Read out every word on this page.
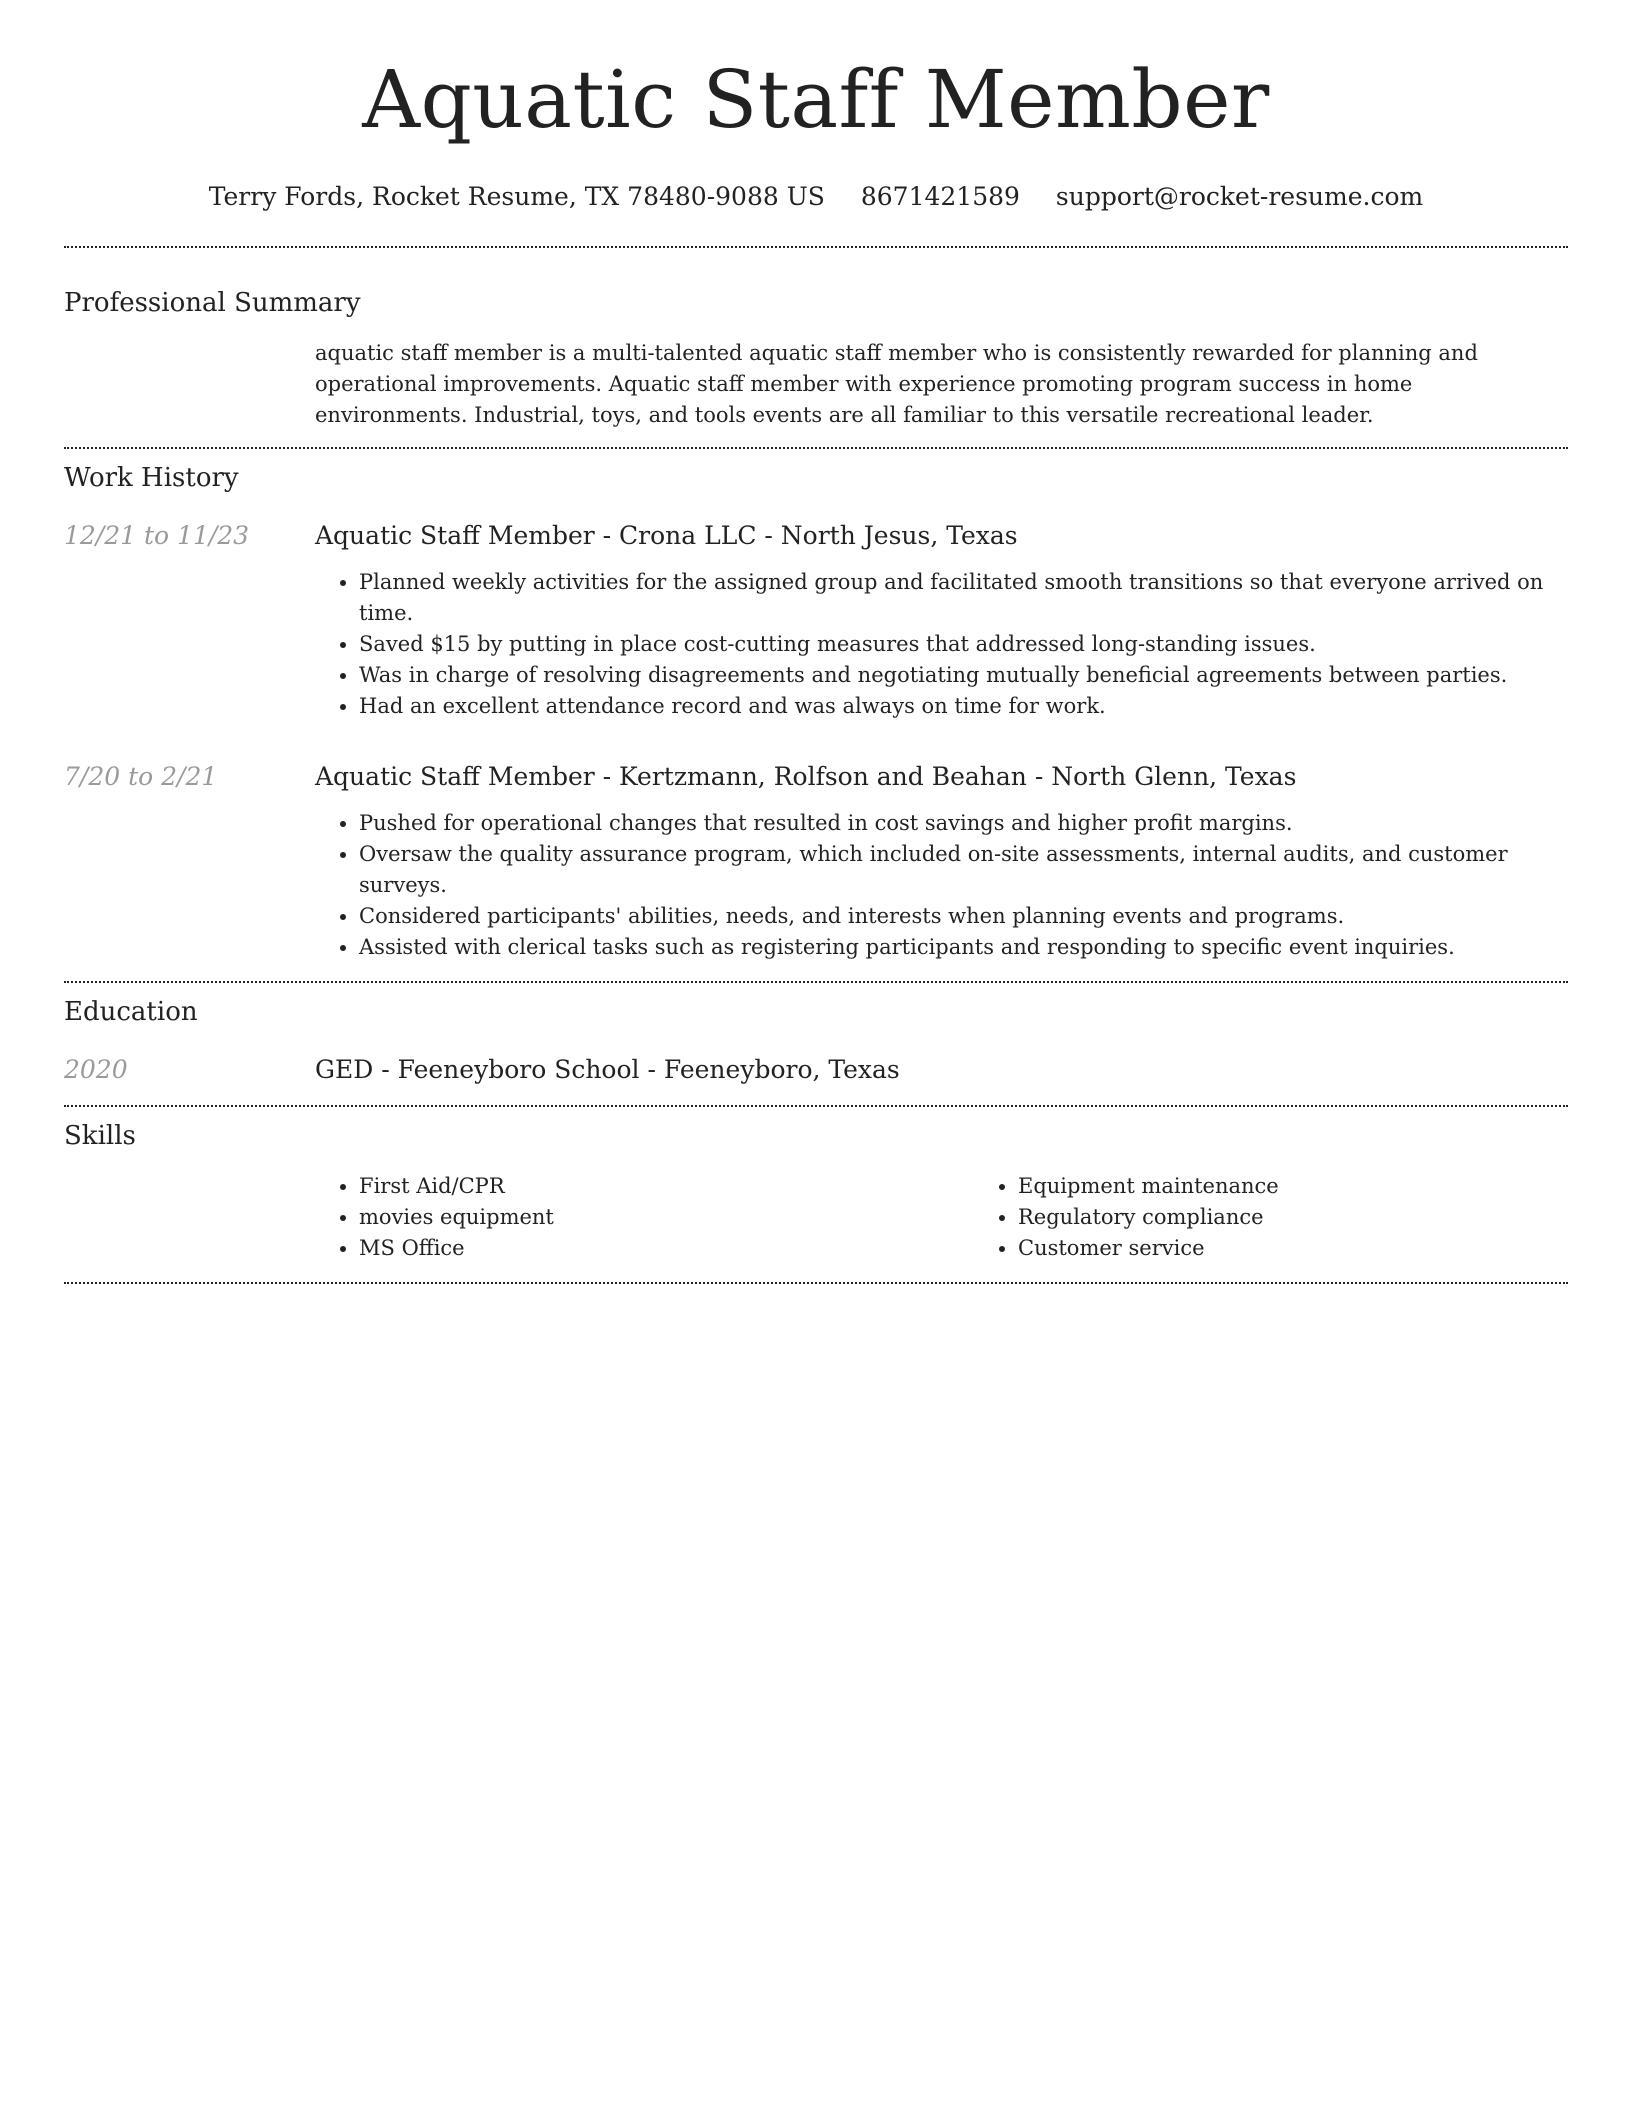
Aquatic Staff Member
Terry Fords, Rocket Resume, TX 78480-9088 US 8671421589 support@rocket-resume.com
Professional Summary
aquatic staff member is a multi-talented aquatic staff member who is consistently rewarded for planning and operational improvements. Aquatic staff member with experience promoting program success in home environments. Industrial, toys, and tools events are all familiar to this versatile recreational leader.
Work History
12/21 to 11/23	Aquatic Staff Member - Crona LLC - North Jesus, Texas
• Planned weekly activities for the assigned group and facilitated smooth transitions so that everyone arrived on time.
• Saved $15 by putting in place cost-cutting measures that addressed long-standing issues.
• Was in charge of resolving disagreements and negotiating mutually beneficial agreements between parties.
• Had an excellent attendance record and was always on time for work.
7/20 to 2/21	Aquatic Staff Member - Kertzmann, Rolfson and Beahan - North Glenn, Texas
• Pushed for operational changes that resulted in cost savings and higher profit margins.
• Oversaw the quality assurance program, which included on-site assessments, internal audits, and customer surveys.
• Considered participants' abilities, needs, and interests when planning events and programs.
• Assisted with clerical tasks such as registering participants and responding to specific event inquiries.
Education
2020	GED - Feeneyboro School - Feeneyboro, Texas
Skills
• First Aid/CPR
• movies equipment
• MS Office
• Equipment maintenance
• Regulatory compliance
• Customer service
